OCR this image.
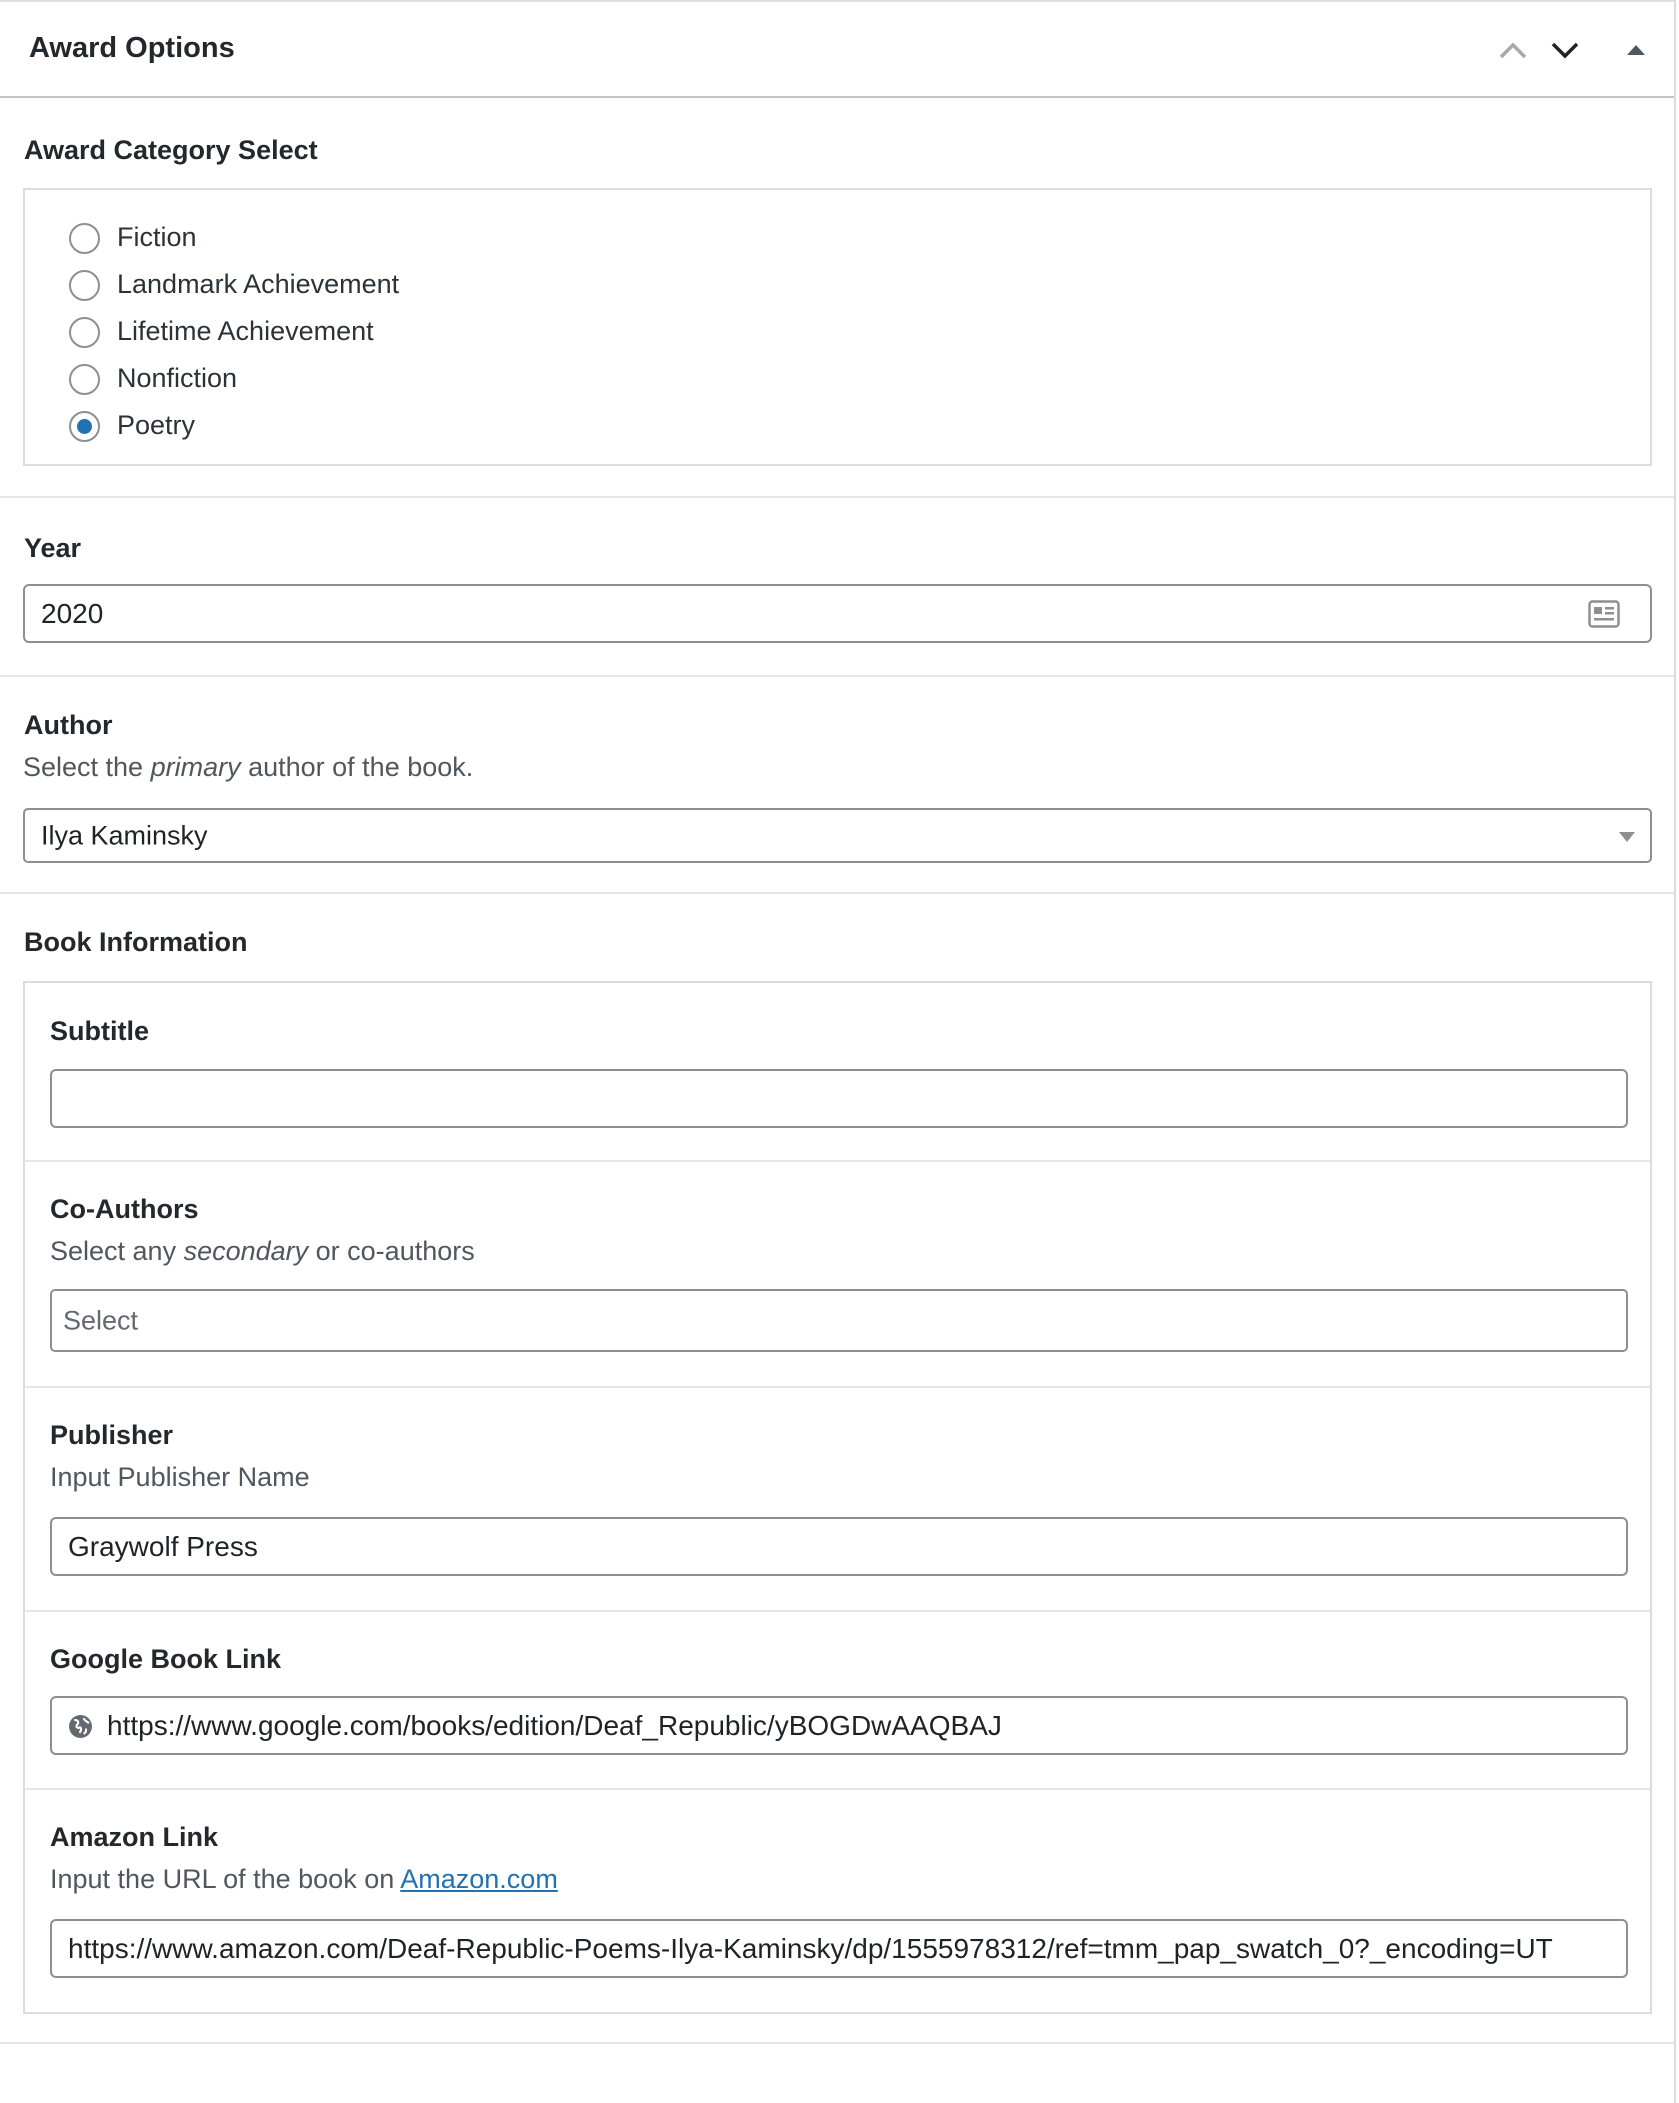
Award Options
Award Category Select
Fiction
Landmark Achievement
Lifetime Achievement
Nonfiction
Poetry
Year
2020
Author
Select the primary author of the book.
Ilya Kaminsky
Book Information
Subtitle
Co-Authors
Select any secondary or co-authors
Select
Publisher
Input Publisher Name
Graywolf Press
Google Book Link
https://www.google.com/books/edition/Deaf_Republic/yBOGDwAAQBAJ
Amazon Link
Input the URL of the book on Amazon.com
https://www.amazon.com/Deaf-Republic-Poems-Ilya-Kaminsky/dp/1555978312/ref=tmm_pap_swatch_0?_encoding=UT
